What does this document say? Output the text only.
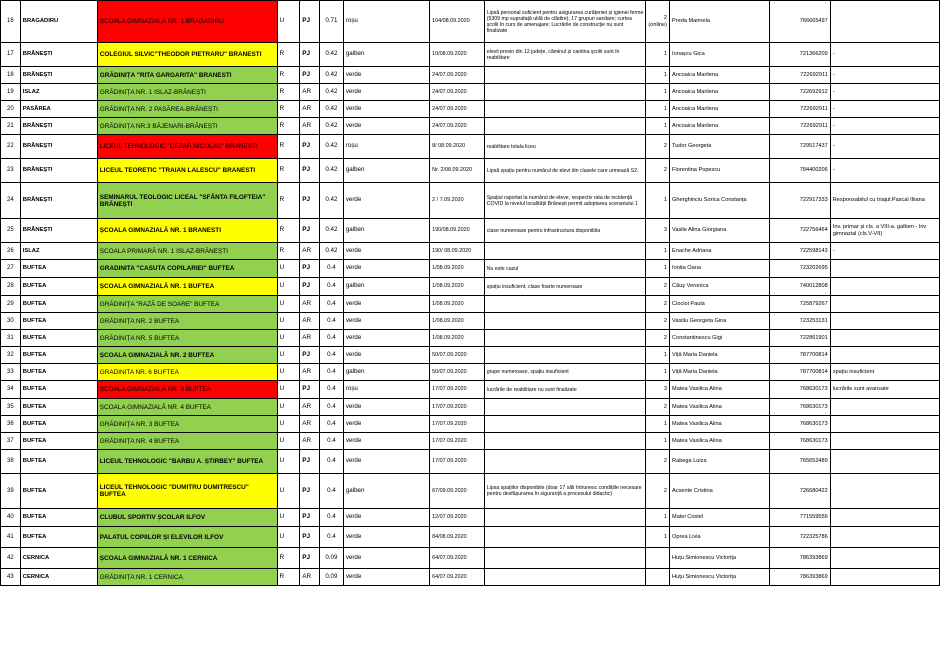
16	BRAGADIRU	ȘCOALA GIMNAZIALĂ NR. 1 BRAGADIRU	U	PJ	0.71	roșu	104/08.09.2020	Lipsă personal suficient pentru asigurarea curățeniei și igienei ferme (5309 mp suprafață utilă de clădire); 17 grupuri sanitare; curtea școlii în curs de amenajare; Lucrările de construcție nu sunt finalizate	2 (online)	Preda Marinela	766665497	
17	BRĂNEȘTI	COLEGIUL SILVIC"THEODOR PIETRARU" BRANESTI	R	PJ	0.42	galben	10/08.09.2020	elevii provin din 12 județe, căminul și cantina școlii sunt în reabilitare	1	Ionașcu Gica	721366209	-
18	BRĂNEȘTI	GRĂDINIȚA "RITA GARGARITA" BRANESTI	R	PJ	0.42	verde	24/07.09.2020		1	Ancoaica Marilena	722692911	-
19	ISLAZ	GRĂDINIȚA NR. 1 ISLAZ-BRĂNEȘTI	R	AR	0.42	verde	24/07.09.2020		1	Ancoaica Marilena	722692912	-
20	PASĂREA	GRĂDINIȚA NR. 2 PASĂREA-BRĂNEȘTI	R	AR	0.42	verde	24/07.09.2020		1	Ancoaica Marilena	722692911	-
21	BRĂNEȘTI	GRĂDINIȚA NR.3 BĂJENARI-BRĂNEȘTI	R	AR	0.42	verde	24/07.09.2020		1	Ancoaica Marilena	722692911	-
22	BRĂNEȘTI	LICEUL TEHNOLOGIC "CEZAR NICOLAU" BRANESTI	R	PJ	0.42	roșu	8/ 08.09.2020	reabilitare totala liceu	2	Tudor Georgeta	729517437	-
23	BRĂNEȘTI	LICEUL TEORETIC "TRAIAN LALESCU" BRANESTI	R	PJ	0.42	galben	Nr. 2/08.09.2020	Lipsă spațiu pentru numărul de elevi din clasele care urmează S2.	2	Florentina Popescu	784400206	-
24	BRĂNEȘTI	SEMINARUL TEOLOGIC LICEAL "SFÂNTA FILOFTEIA" BRĂNEȘTI	R	PJ	0.42	verde	2 / 7.09.2020	Spațiul raportat la numărul de eleve, respectiv rata de incidență COVID la nivelul localității Brănești permit adoptarea scenariului 1	1	Gherghinciu Sorica Constanța	722917333	Responsabilul cu triajul:Pascal Iliiana
25	BRĂNEȘTI	ȘCOALA GIMNAZIALĂ NR. 1 BRANESTI	R	PJ	0.42	galben	190/08.09.2020	clase numeroase pentru infrastructura disponibila	3	Vasile Alina Giorgiana	722756464	Inv. primar și cls. a VIII-a. galben - Inv gimnazial (cls.V-VII)
26	ISLAZ	ȘCOALA PRIMARĂ NR. 1 ISLAZ-BRĂNEȘTI	R	AR	0.42	verde	190/ 08.09.2020		1	Enache Adriana	722598143	-
27	BUFTEA	GRADINITA "CASUTA COPILARIEI" BUFTEA	U	PJ	0.4	verde	1/08.09.2020	Nu este cazul	1	Ionita Oana	723202695	
28	BUFTEA	ȘCOALA GIMNAZIALĂ NR. 1 BUFTEA	U	PJ	0.4	galben	1/08.09.2020	spațiu insuficient, clase foarte numeroase	2	Căuș Veronica	740012808	
29	BUFTEA	GRĂDINIȚA "RAZĂ DE SOARE" BUFTEA	U	AR	0.4	verde	1/08.09.2020		2	Ciocioi Paula	725879267	
30	BUFTEA	GRĂDINIȚA NR. 2 BUFTEA	U	AR	0.4	verde	1/08.09.2020		2	Vasiliu Georgeta Gina	723253131	
31	BUFTEA	GRĂDINIȚA NR. 5 BUFTEA	U	AR	0.4	verde	1/08.09.2020		2	Constantinescu Gigi	722861901	
32	BUFTEA	ȘCOALA GIMNAZIALĂ NR. 2 BUFTEA	U	PJ	0.4	verde	50/07.09.2020		1	Viță Maria Daniela	787700814	
33	BUFTEA	GRADINITA NR. 6 BUFTEA	U	AR	0.4	galben	50/07.09.2020	grupe numeroase, spațiu insuficient	1	Viță Maria Daniela	787700814	spațiu insuficient
34	BUFTEA	ȘCOALA GIMNAZIALĂ NR. 3 BUFTEA	U	PJ	0.4	roșu	17/07.09.2020	lucrările de reabilitare nu sunt finalizate	3	Matea Vasilica Alina	768630173	lucrările sunt avansate
35	BUFTEA	ȘCOALA GIMNAZIALĂ NR. 4 BUFTEA	U	AR	0.4	verde	17/07.09.2020		2	Matea Vasilica Alina	768630173	
36	BUFTEA	GRĂDINIȚA NR. 3 BUFTEA	U	AR	0.4	verde	17/07.09.2020		1	Matea Vasilica Alina	768630173	
37	BUFTEA	GRĂDINIȚA NR. 4 BUFTEA	U	AR	0.4	verde	17/07.09.2020		1	Matea Vasilica Alina	768630173	
38	BUFTEA	LICEUL TEHNOLOGIC "BARBU A. ȘTIRBEY" BUFTEA	U	PJ	0.4	verde	17/07.09.2020		2	Rabega Luiza	765652489	
39	BUFTEA	LICEUL TEHNOLOGIC "DUMITRU DUMITRESCU" BUFTEA	U	PJ	0.4	galben	67/09.09.2020	Lipsa spațiilor disponibile (doar 17 săli întrunesc condițiile necesare pentru desfășurarea în siguranță a procesului didactic)	2	Acsente Cristina	726680422	
40	BUFTEA	CLUBUL SPORTIV ȘCOLAR ILFOV	U	PJ	0.4	verde	12/07.09.2020		1	Matei Costel	771559556	
41	BUFTEA	PALATUL COPIILOR ȘI ELEVILOR ILFOV	U	PJ	0.4	verde	84/08.09.2020		1	Oprea Livia	722325786	
42	CERNICA	ȘCOALA GIMNAZIALĂ NR. 1 CERNICA	R	PJ	0.09	verde	64/07.09.2020			Huțu Simionescu Victorița	786393869	
43	CERNICA	GRĂDINIȚA NR. 1 CERNICA	R	AR	0.09	verde	64/07.09.2020			Huțu Simionescu Victorița	786393869	
